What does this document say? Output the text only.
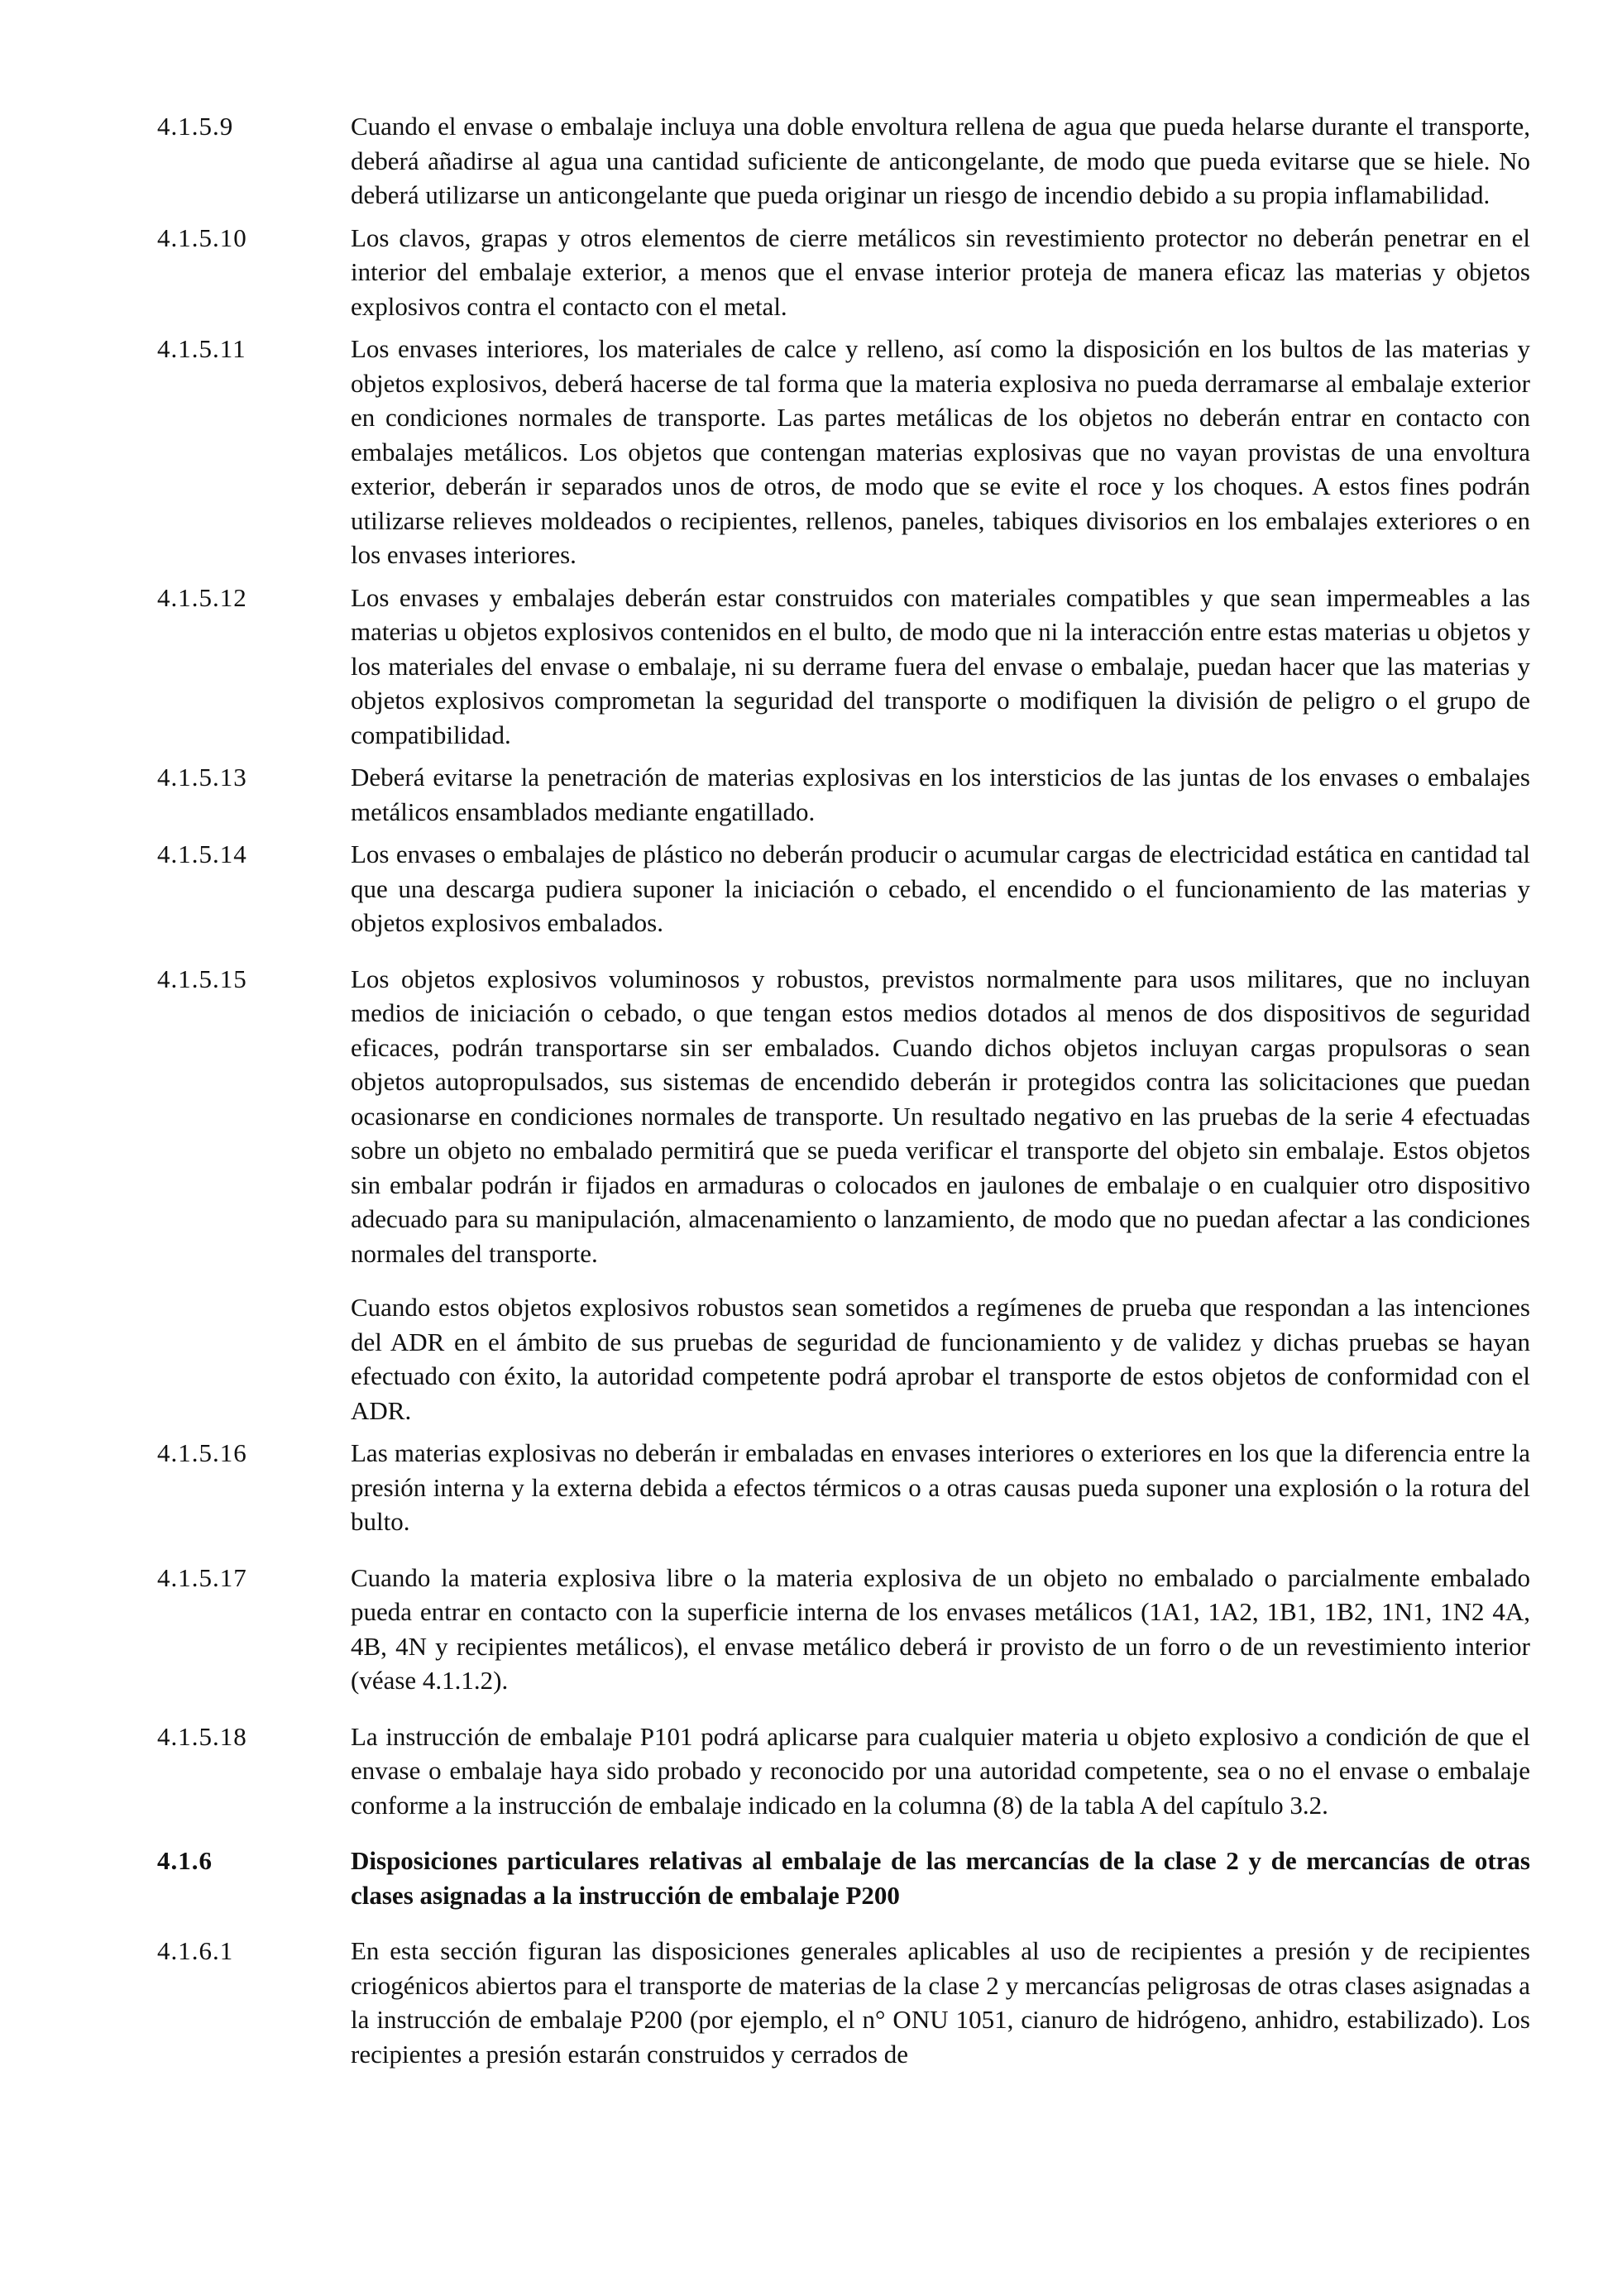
4.1.5.9	Cuando el envase o embalaje incluya una doble envoltura rellena de agua que pueda helarse durante el transporte, deberá añadirse al agua una cantidad suficiente de anticongelante, de modo que pueda evitarse que se hiele. No deberá utilizarse un anticongelante que pueda originar un riesgo de incendio debido a su propia inflamabilidad.

4.1.5.10	Los clavos, grapas y otros elementos de cierre metálicos sin revestimiento protector no deberán penetrar en el interior del embalaje exterior, a menos que el envase interior proteja de manera eficaz las materias y objetos explosivos contra el contacto con el metal.

4.1.5.11	Los envases interiores, los materiales de calce y relleno, así como la disposición en los bultos de las materias y objetos explosivos, deberá hacerse de tal forma que la materia explosiva no pueda derramarse al embalaje exterior en condiciones normales de transporte. Las partes metálicas de los objetos no deberán entrar en contacto con embalajes metálicos. Los objetos que contengan materias explosivas que no vayan provistas de una envoltura exterior, deberán ir separados unos de otros, de modo que se evite el roce y los choques. A estos fines podrán utilizarse relieves moldeados o recipientes, rellenos, paneles, tabiques divisorios en los embalajes exteriores o en los envases interiores.

4.1.5.12	Los envases y embalajes deberán estar construidos con materiales compatibles y que sean impermeables a las materias u objetos explosivos contenidos en el bulto, de modo que ni la interacción entre estas materias u objetos y los materiales del envase o embalaje, ni su derrame fuera del envase o embalaje, puedan hacer que las materias y objetos explosivos comprometan la seguridad del transporte o modifiquen la división de peligro o el grupo de compatibilidad.

4.1.5.13	Deberá evitarse la penetración de materias explosivas en los intersticios de las juntas de los envases o embalajes metálicos ensamblados mediante engatillado.

4.1.5.14	Los envases o embalajes de plástico no deberán producir o acumular cargas de electricidad estática en cantidad tal que una descarga pudiera suponer la iniciación o cebado, el encendido o el funcionamiento de las materias y objetos explosivos embalados.

4.1.5.15	Los objetos explosivos voluminosos y robustos, previstos normalmente para usos militares, que no incluyan medios de iniciación o cebado, o que tengan estos medios dotados al menos de dos dispositivos de seguridad eficaces, podrán transportarse sin ser embalados. Cuando dichos objetos incluyan cargas propulsoras o sean objetos autopropulsados, sus sistemas de encendido deberán ir protegidos contra las solicitaciones que puedan ocasionarse en condiciones normales de transporte. Un resultado negativo en las pruebas de la serie 4 efectuadas sobre un objeto no embalado permitirá que se pueda verificar el transporte del objeto sin embalaje. Estos objetos sin embalar podrán ir fijados en armaduras o colocados en jaulones de embalaje o en cualquier otro dispositivo adecuado para su manipulación, almacenamiento o lanzamiento, de modo que no puedan afectar a las condiciones normales del transporte.

Cuando estos objetos explosivos robustos sean sometidos a regímenes de prueba que respondan a las intenciones del ADR en el ámbito de sus pruebas de seguridad de funcionamiento y de validez y dichas pruebas se hayan efectuado con éxito, la autoridad competente podrá aprobar el transporte de estos objetos de conformidad con el ADR.

4.1.5.16	Las materias explosivas no deberán ir embaladas en envases interiores o exteriores en los que la diferencia entre la presión interna y la externa debida a efectos térmicos o a otras causas pueda suponer una explosión o la rotura del bulto.

4.1.5.17	Cuando la materia explosiva libre o la materia explosiva de un objeto no embalado o parcialmente embalado pueda entrar en contacto con la superficie interna de los envases metálicos (1A1, 1A2, 1B1, 1B2, 1N1, 1N2 4A, 4B, 4N y recipientes metálicos), el envase metálico deberá ir provisto de un forro o de un revestimiento interior (véase 4.1.1.2).

4.1.5.18	La instrucción de embalaje P101 podrá aplicarse para cualquier materia u objeto explosivo a condición de que el envase o embalaje haya sido probado y reconocido por una autoridad competente, sea o no el envase o embalaje conforme a la instrucción de embalaje indicado en la columna (8) de la tabla A del capítulo 3.2.

4.1.6	Disposiciones particulares relativas al embalaje de las mercancías de la clase 2 y de mercancías de otras clases asignadas a la instrucción de embalaje P200

4.1.6.1	En esta sección figuran las disposiciones generales aplicables al uso de recipientes a presión y de recipientes criogénicos abiertos para el transporte de materias de la clase 2 y mercancías peligrosas de otras clases asignadas a la instrucción de embalaje P200 (por ejemplo, el n° ONU 1051, cianuro de hidrógeno, anhidro, estabilizado). Los recipientes a presión estarán construidos y cerrados de
